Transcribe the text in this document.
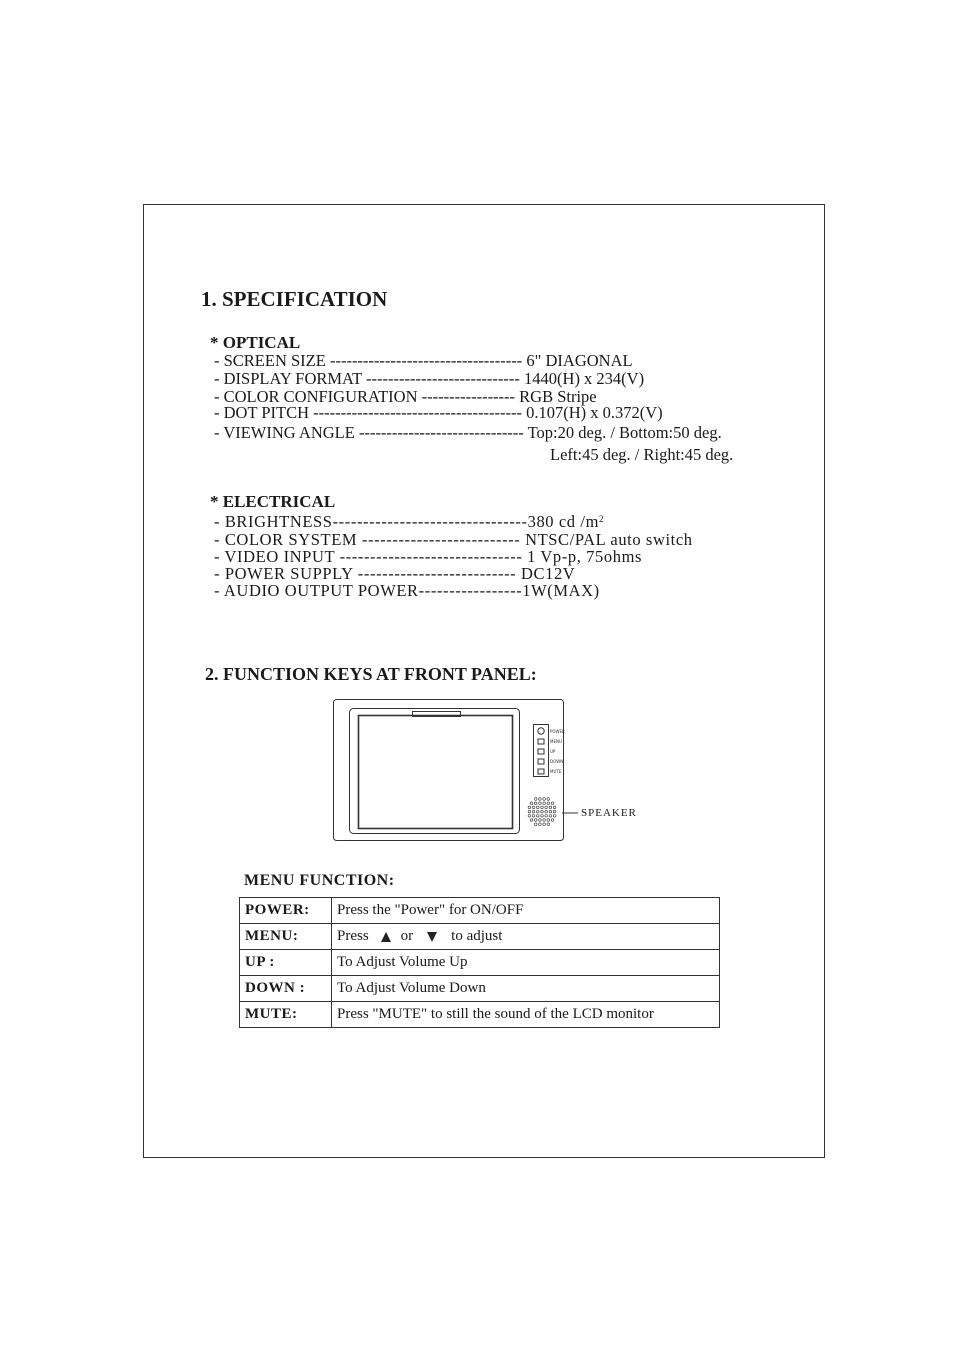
1. SPECIFICATION
* OPTICAL
- SCREEN SIZE ----------------------------------- 6" DIAGONAL
- DISPLAY FORMAT ---------------------------- 1440(H) x 234(V)
- COLOR CONFIGURATION ----------------- RGB Stripe
- DOT PITCH -------------------------------------- 0.107(H) x 0.372(V)
- VIEWING ANGLE ------------------------------ Top:20 deg. / Bottom:50 deg.
Left:45 deg. / Right:45 deg.
* ELECTRICAL
- BRIGHTNESS--------------------------------380 cd $/m^2$
- COLOR SYSTEM -------------------------- NTSC/PAL auto switch
- VIDEO INPUT ------------------------------ 1 Vp-p, 75ohms
- POWER SUPPLY -------------------------- DC12V
- AUDIO OUTPUT POWER-----------------1W(MAX)
2. FUNCTION KEYS AT FRONT PANEL:
POWER
MENU
UP
DOWN
MUTE
SPEAKER
MENU FUNCTION:
POWER:	Press the "Power" for ON/OFF
MENU:	Press or to adjust
UP :	To Adjust Volume Up
DOWN :	To Adjust Volume Down
MUTE:	Press "MUTE" to still the sound of the LCD monitor
